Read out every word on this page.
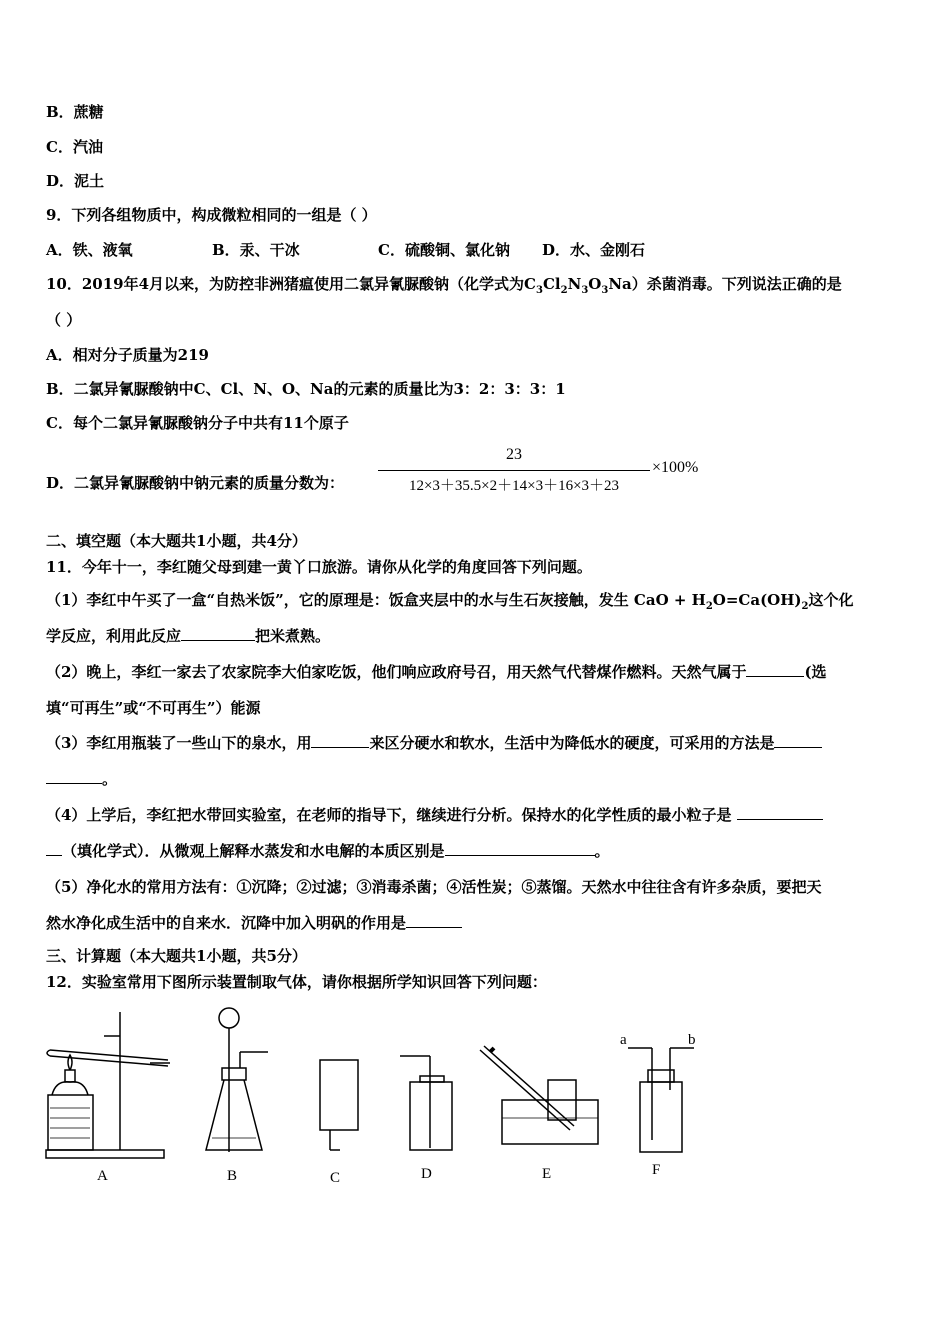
B．蔗糖
C．汽油
D．泥土
9．下列各组物质中，构成微粒相同的一组是（ ）
A．铁、液氧	B．汞、干冰	C．硫酸铜、氯化钠 D．水、金刚石
10．2019年4月以来，为防控非洲猪瘟使用二氯异氰脲酸钠（化学式为$C_3Cl_2N_3O_3Na$）杀菌消毒。下列说法正确的是
（ ）
A．相对分子质量为219
B．二氯异氰脲酸钠中C、Cl、N、O、Na的元素的质量比为3：2：3：3：1
C．每个二氯异氰脲酸钠分子中共有11个原子
D．二氯异氰脲酸钠中钠元素的质量分数为：
23
12×3＋35.5×2＋14×3＋16×3＋23
×100%
二、填空题（本大题共1小题，共4分）
11．今年十一，李红随父母到建一黄丫口旅游。请你从化学的角度回答下列问题。
（1）李红中午买了一盒“自热米饭”，它的原理是：饭盒夹层中的水与生石灰接触，发生 CaO + $H_2O=Ca(OH)_2$这个化
学反应，利用此反应	把米煮熟。
（2）晚上，李红一家去了农家院李大伯家吃饭，他们响应政府号召，用天然气代替煤作燃料。天然气属于	(选
填“可再生”或“不可再生”）能源
（3）李红用瓶装了一些山下的泉水，用	来区分硬水和软水，生活中为降低水的硬度，可采用的方法是
。
（4）上学后，李红把水带回实验室，在老师的指导下，继续进行分析。保持水的化学性质的最小粒子是
（填化学式）．从微观上解释水蒸发和水电解的本质区别是	。
（5）净化水的常用方法有：①沉降；②过滤；③消毒杀菌；④活性炭；⑤蒸馏。天然水中往往含有许多杂质，要把天
然水净化成生活中的自来水．沉降中加入明矾的作用是
三、计算题（本大题共1小题，共5分）
12．实验室常用下图所示装置制取气体，请你根据所学知识回答下列问题：
A	B	C	D	E	F
a	b
